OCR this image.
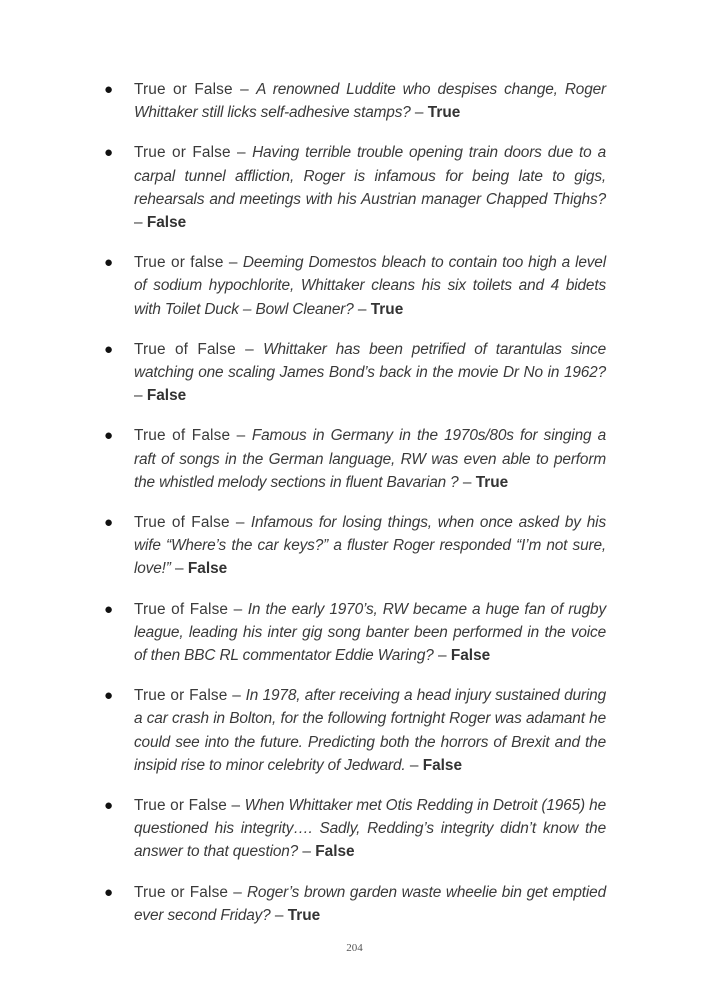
● True or False – A renowned Luddite who despises change, Roger Whittaker still licks self-adhesive stamps? – True
● True or False – Having terrible trouble opening train doors due to a carpal tunnel affliction, Roger is infamous for being late to gigs, rehearsals and meetings with his Austrian manager Chapped Thighs? – False
● True or false – Deeming Domestos bleach to contain too high a level of sodium hypochlorite, Whittaker cleans his six toilets and 4 bidets with Toilet Duck – Bowl Cleaner? – True
● True of False – Whittaker has been petrified of tarantulas since watching one scaling James Bond’s back in the movie Dr No in 1962? – False
● True of False – Famous in Germany in the 1970s/80s for singing a raft of songs in the German language, RW was even able to perform the whistled melody sections in fluent Bavarian ? – True
● True of False – Infamous for losing things, when once asked by his wife “Where’s the car keys?” a fluster Roger responded “I’m not sure, love!” – False
● True of False – In the early 1970’s, RW became a huge fan of rugby league, leading his inter gig song banter been performed in the voice of then BBC RL commentator Eddie Waring? – False
● True or False – In 1978, after receiving a head injury sustained during a car crash in Bolton, for the following fortnight Roger was adamant he could see into the future. Predicting both the horrors of Brexit and the insipid rise to minor celebrity of Jedward. – False
● True or False – When Whittaker met Otis Redding in Detroit (1965) he questioned his integrity…. Sadly, Redding’s integrity didn’t know the answer to that question? – False
● True or False – Roger’s brown garden waste wheelie bin get emptied ever second Friday? – True
204
